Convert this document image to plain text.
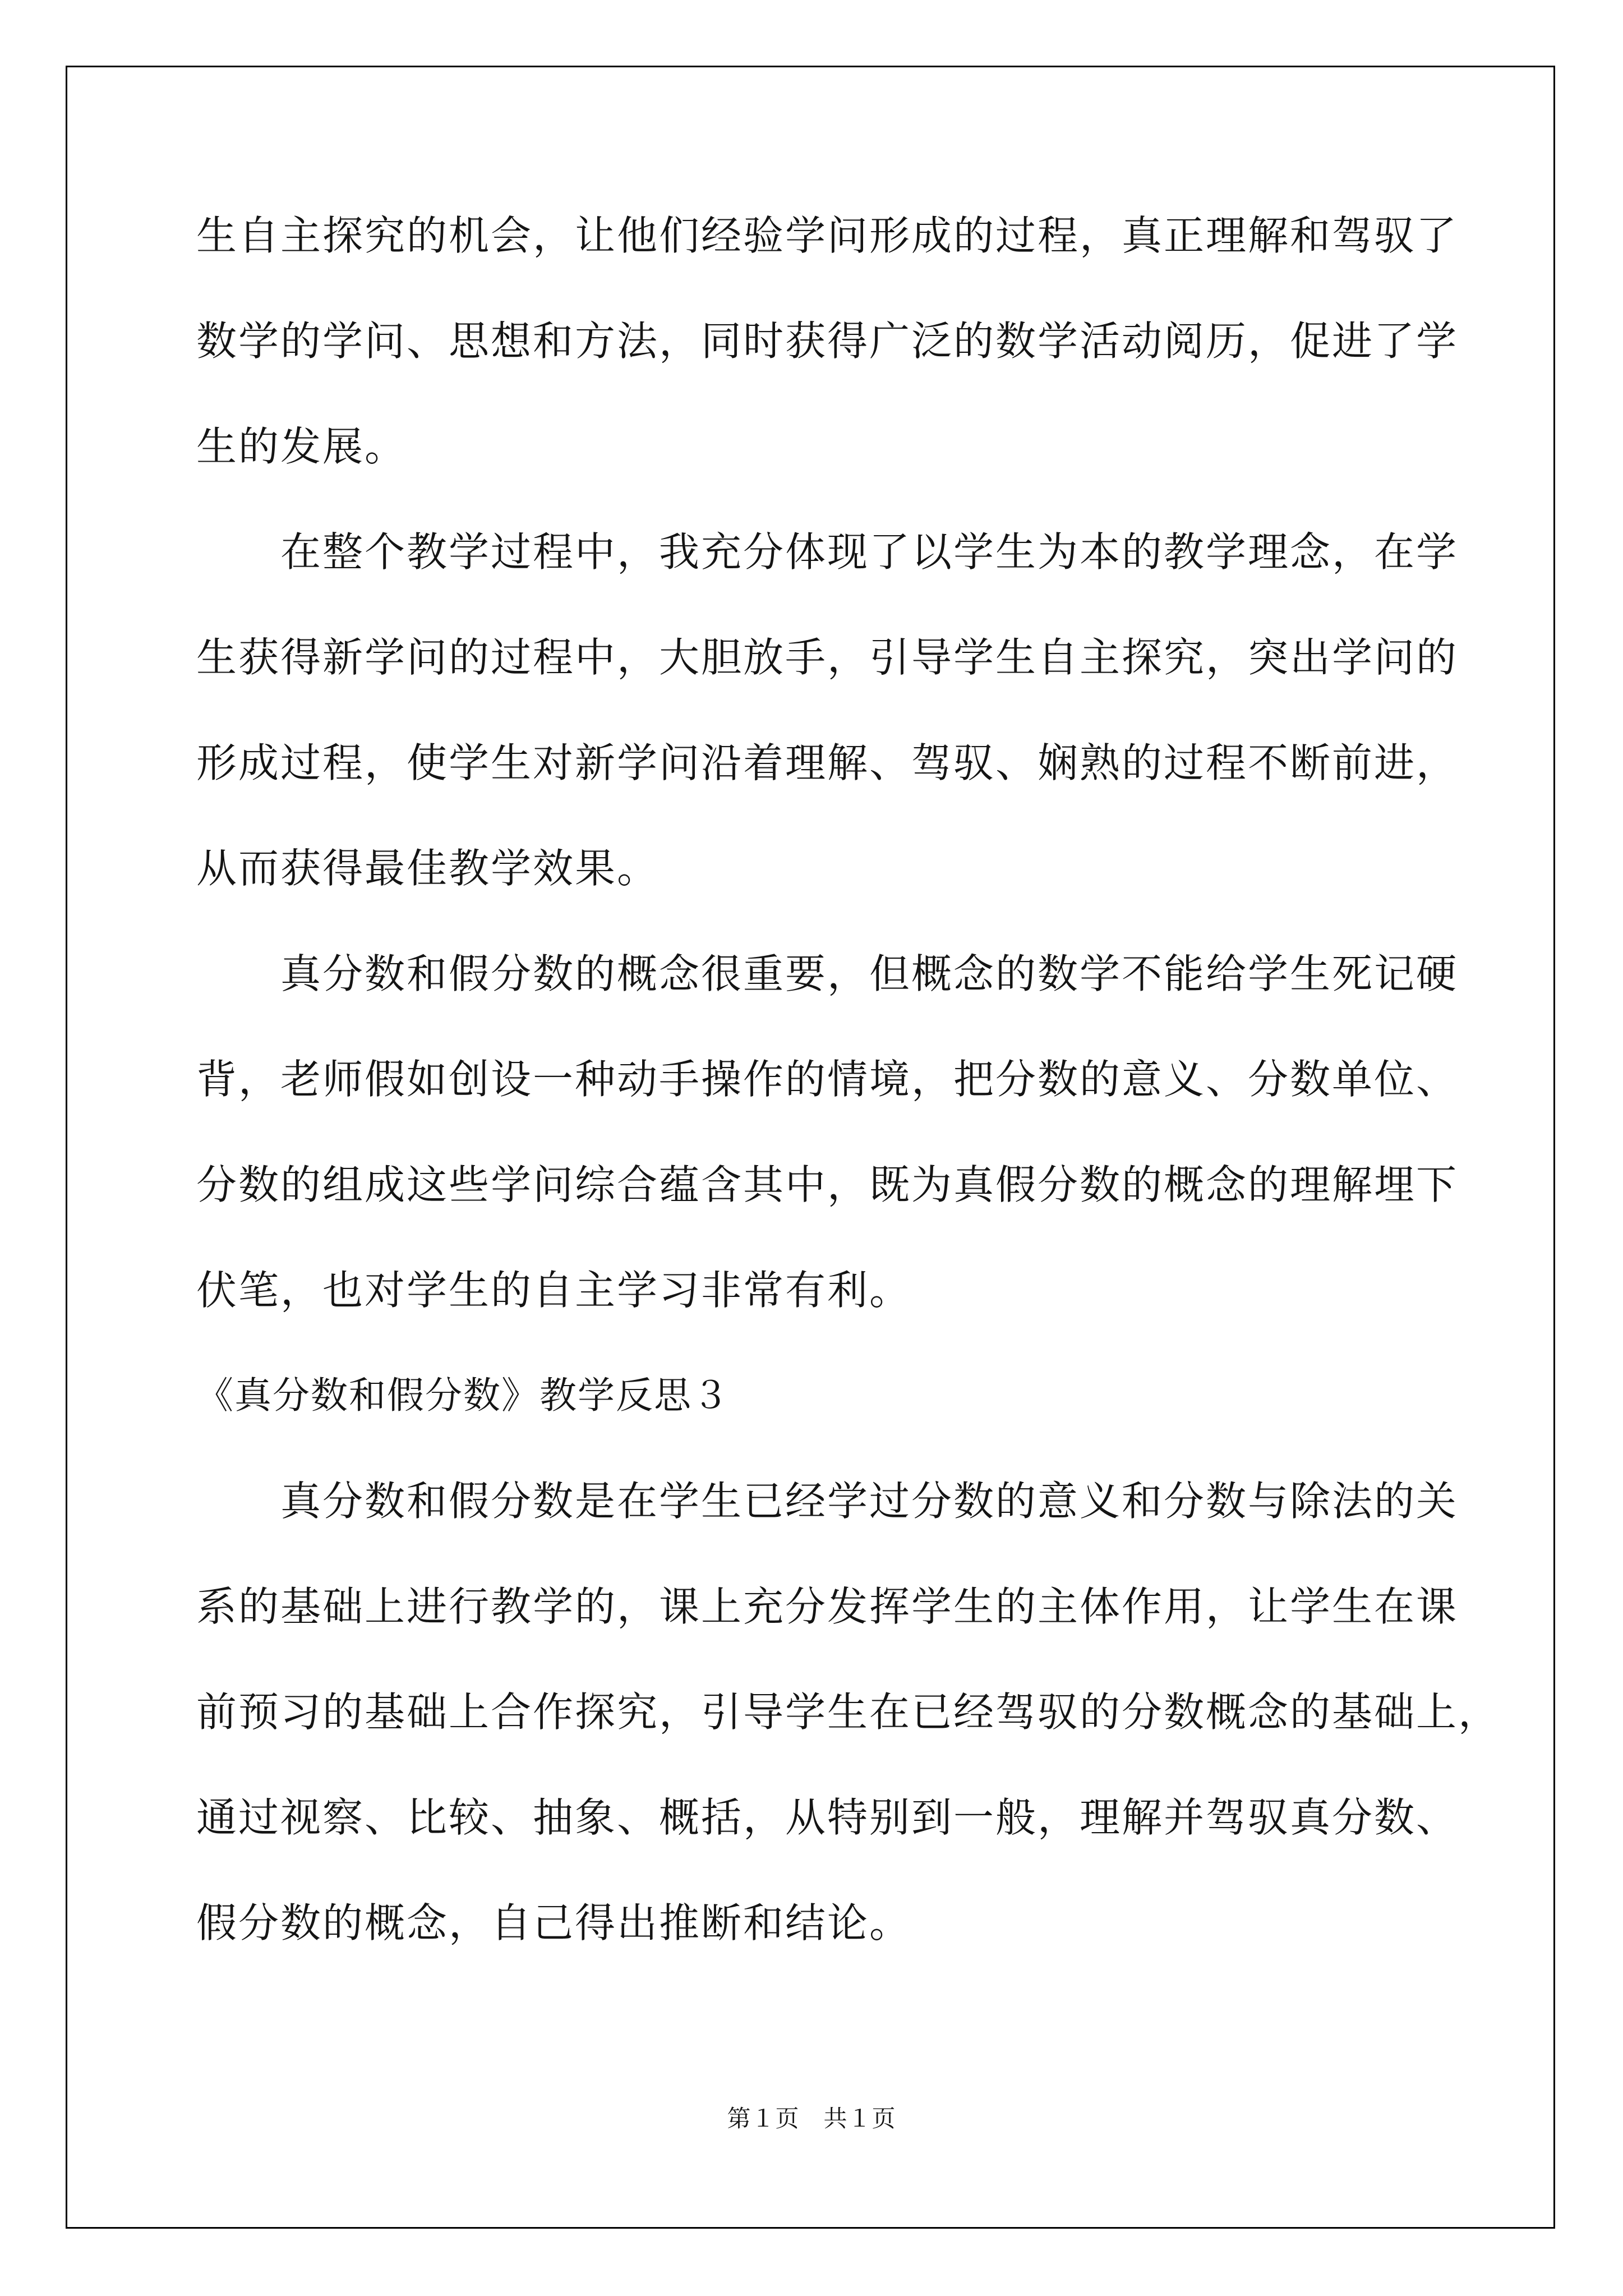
生自主探究的机会，让他们经验学问形成的过程，真正理解和驾驭了
数学的学问、思想和方法，同时获得广泛的数学活动阅历，促进了学
生的发展。
　　在整个教学过程中，我充分体现了以学生为本的教学理念，在学
生获得新学问的过程中，大胆放手，引导学生自主探究，突出学问的
形成过程，使学生对新学问沿着理解、驾驭、娴熟的过程不断前进，
从而获得最佳教学效果。
　　真分数和假分数的概念很重要，但概念的数学不能给学生死记硬
背，老师假如创设一种动手操作的情境，把分数的意义、分数单位、
分数的组成这些学问综合蕴含其中，既为真假分数的概念的理解埋下
伏笔，也对学生的自主学习非常有利。
《真分数和假分数》教学反思３
　　真分数和假分数是在学生已经学过分数的意义和分数与除法的关
系的基础上进行教学的，课上充分发挥学生的主体作用，让学生在课
前预习的基础上合作探究，引导学生在已经驾驭的分数概念的基础上，
通过视察、比较、抽象、概括，从特别到一般，理解并驾驭真分数、
假分数的概念，自己得出推断和结论。
第１页　共１页
